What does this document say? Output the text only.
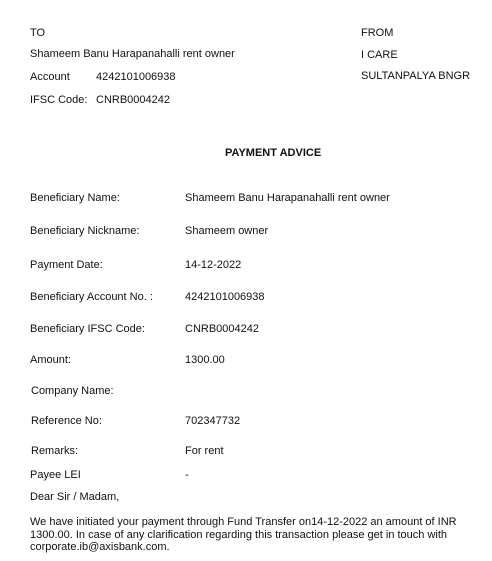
TO
Shameem Banu Harapanahalli rent owner
Account 4242101006938
IFSC Code: CNRB0004242
FROM
I CARE
SULTANPALYA BNGR
PAYMENT ADVICE
Beneficiary Name:	Shameem Banu Harapanahalli rent owner
Beneficiary Nickname:	Shameem owner
Payment Date:	14-12-2022
Beneficiary Account No. :	4242101006938
Beneficiary IFSC Code:	CNRB0004242
Amount:	1300.00
Company Name:
Reference No:	702347732
Remarks:	For rent
Payee LEI	-
Dear Sir / Madam,
We have initiated your payment through Fund Transfer on14-12-2022 an amount of INR 1300.00. In case of any clarification regarding this transaction please get in touch with corporate.ib@axisbank.com.
